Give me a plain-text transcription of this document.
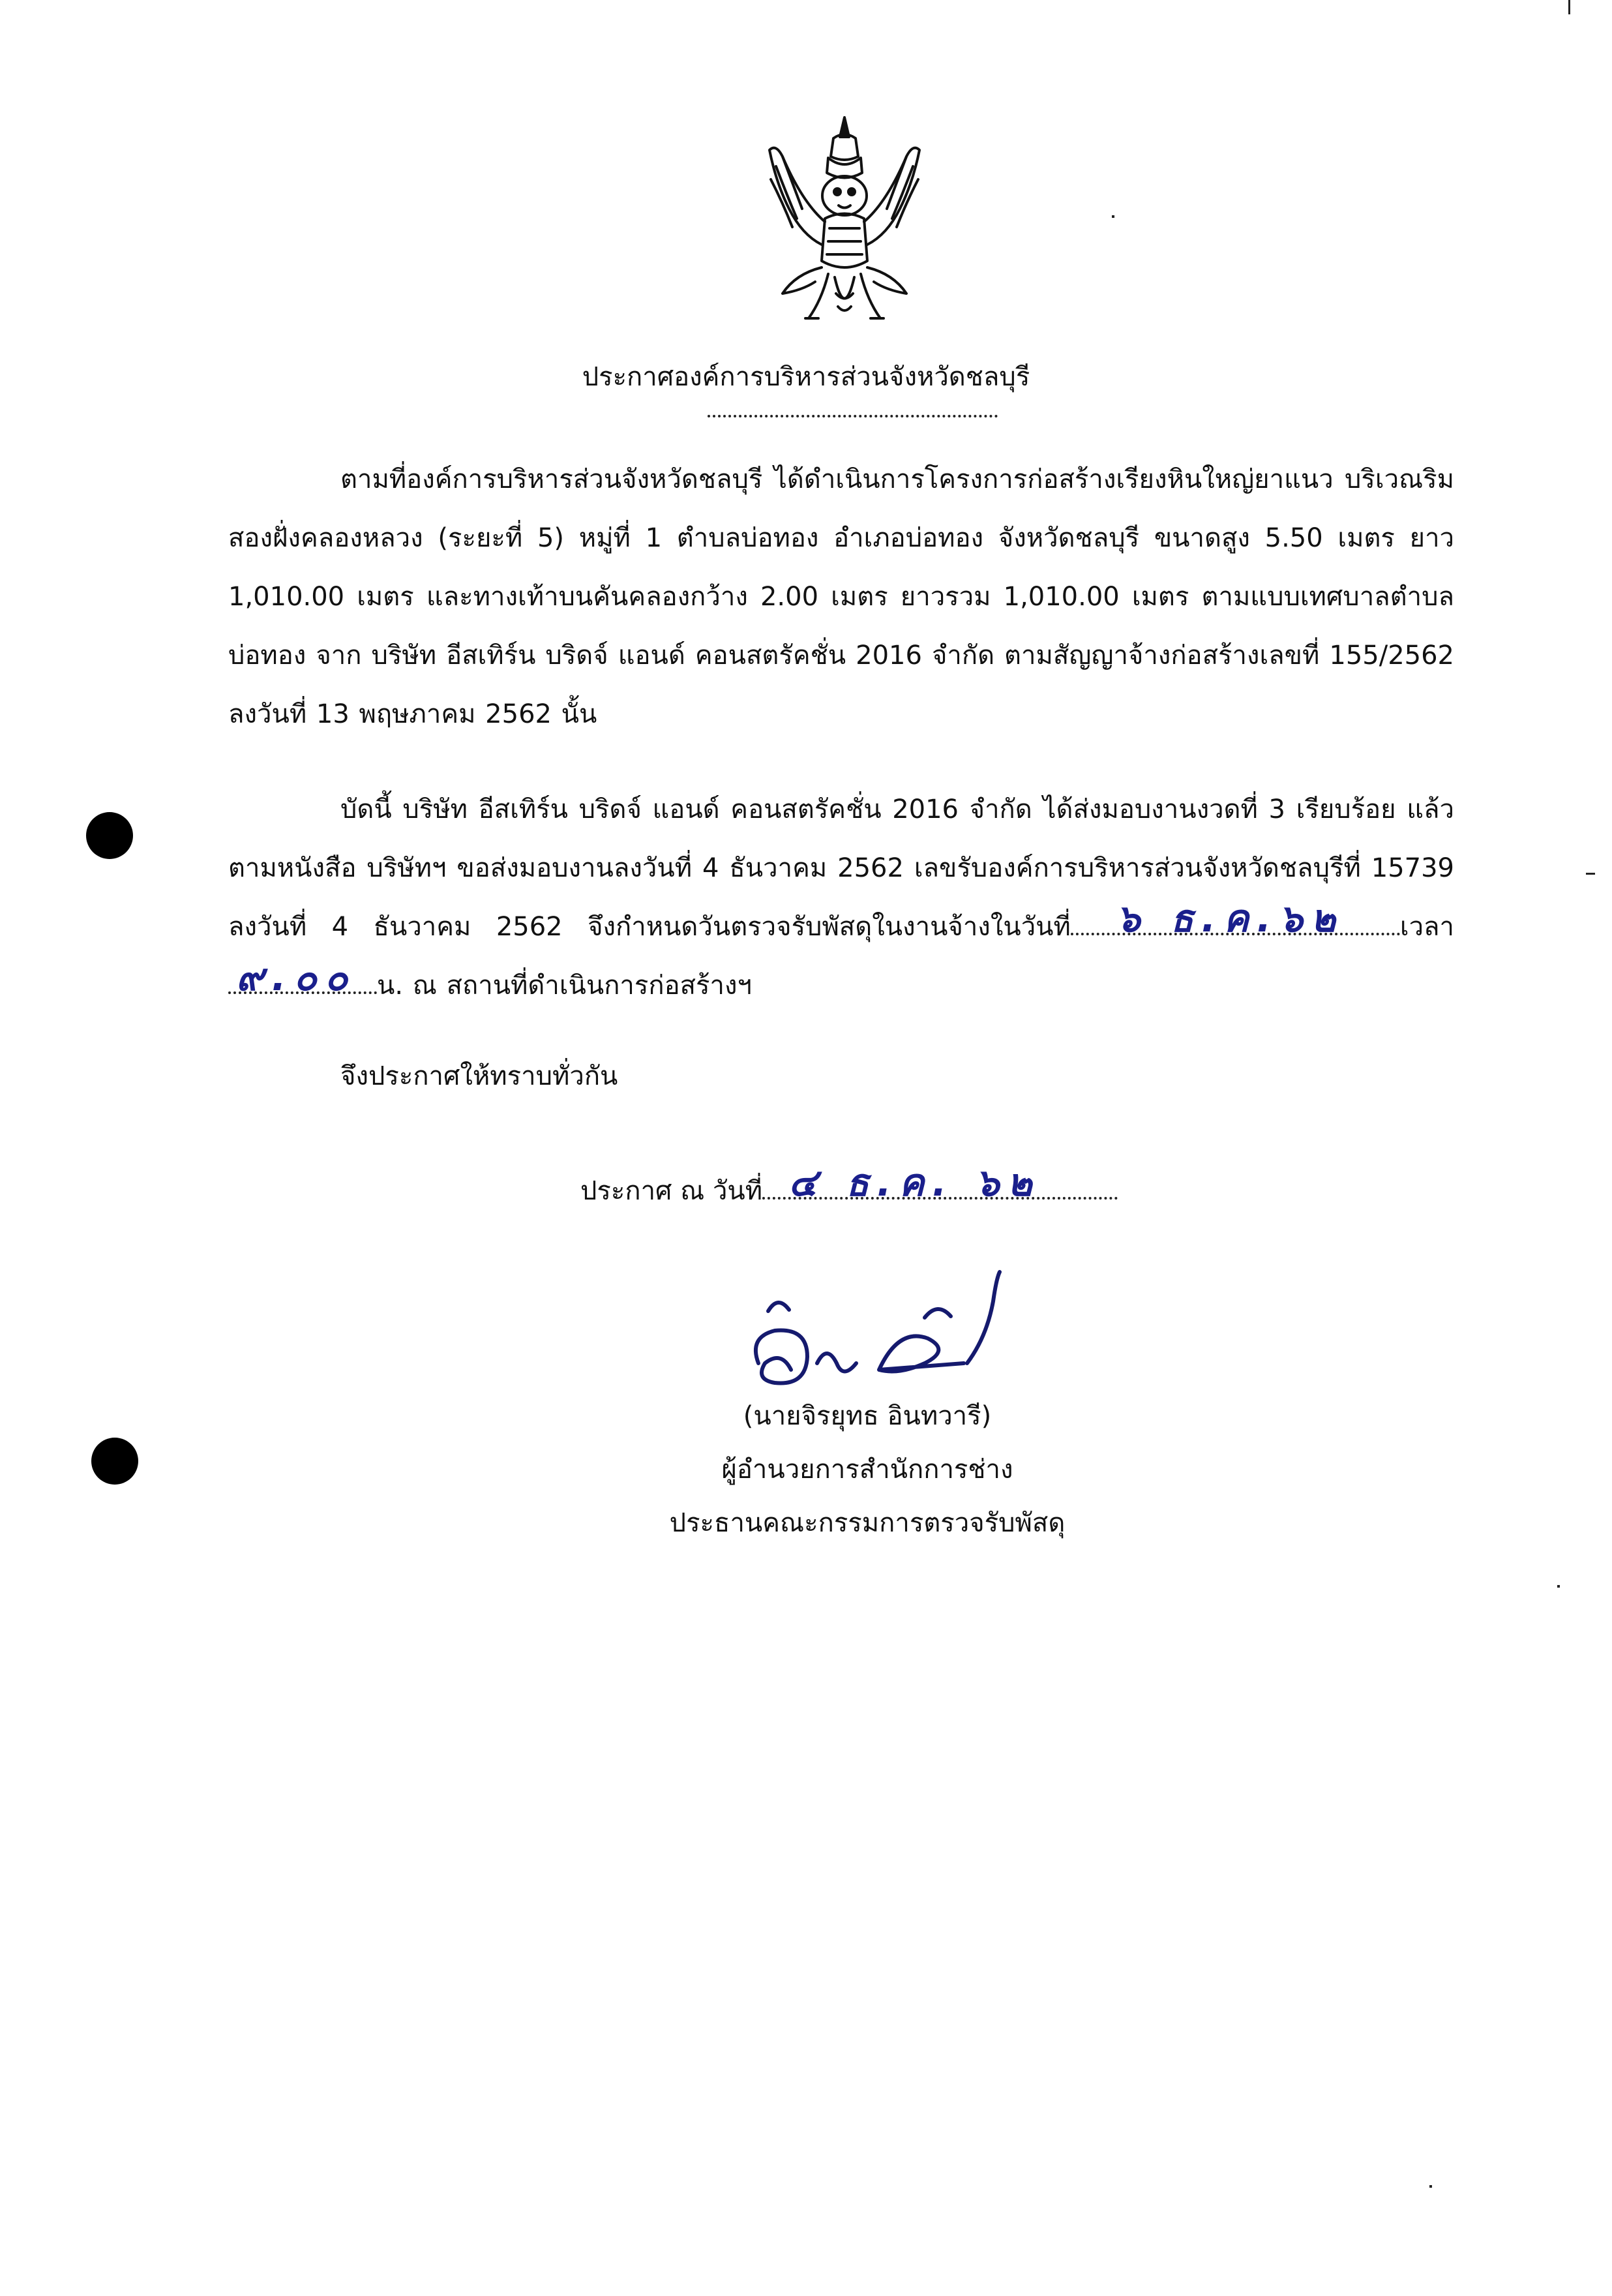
ประกาศองค์การบริหารส่วนจังหวัดชลบุรี

ตามที่องค์การบริหารส่วนจังหวัดชลบุรี ได้ดำเนินการโครงการก่อสร้างเรียงหินใหญ่ยาแนว บริเวณริมสองฝั่งคลองหลวง (ระยะที่ 5) หมู่ที่ 1 ตำบลบ่อทอง อำเภอบ่อทอง จังหวัดชลบุรี ขนาดสูง 5.50 เมตร ยาว 1,010.00 เมตร และทางเท้าบนคันคลองกว้าง 2.00 เมตร ยาวรวม 1,010.00 เมตร ตามแบบเทศบาลตำบลบ่อทอง จาก บริษัท อีสเทิร์น บริดจ์ แอนด์ คอนสตรัคชั่น 2016 จำกัด ตามสัญญาจ้างก่อสร้างเลขที่ 155/2562 ลงวันที่ 13 พฤษภาคม 2562 นั้น

บัดนี้ บริษัท อีสเทิร์น บริดจ์ แอนด์ คอนสตรัคชั่น 2016 จำกัด ได้ส่งมอบงานงวดที่ 3 เรียบร้อย แล้ว ตามหนังสือ บริษัทฯ ขอส่งมอบงานลงวันที่ 4 ธันวาคม 2562 เลขรับองค์การบริหารส่วนจังหวัดชลบุรีที่ 15739 ลงวันที่ 4 ธันวาคม 2562 จึงกำหนดวันตรวจรับพัสดุในงานจ้างในวันที่ ๖ ธ.ค.๖๒ เวลา
๙.๐๐ น. ณ สถานที่ดำเนินการก่อสร้างฯ

จึงประกาศให้ทราบทั่วกัน

ประกาศ ณ วันที่ ๔ ธ.ค. ๖๒

(นายจิรยุทธ อินทวารี)
ผู้อำนวยการสำนักการช่าง
ประธานคณะกรรมการตรวจรับพัสดุ
